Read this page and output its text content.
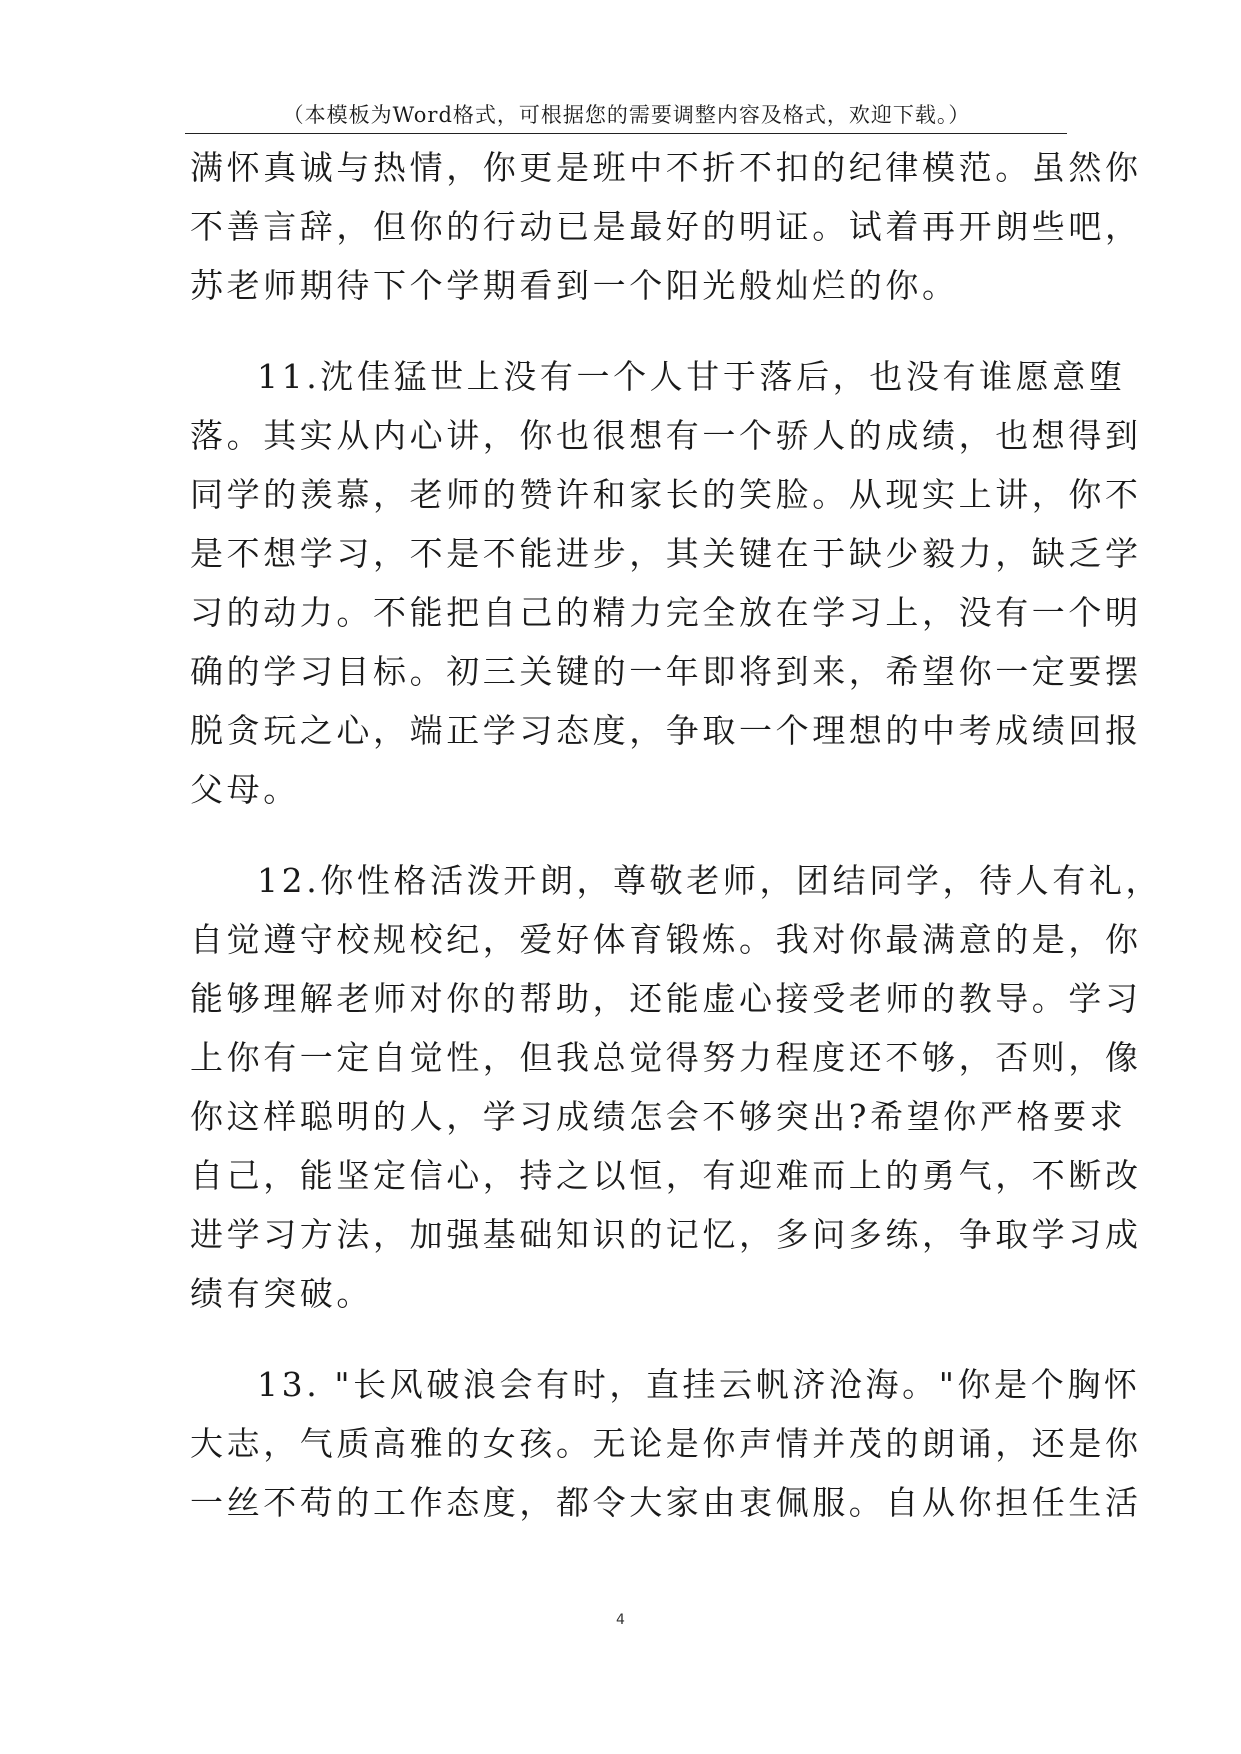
（本模板为Word格式，可根据您的需要调整内容及格式，欢迎下载。）
满怀真诚与热情，你更是班中不折不扣的纪律模范。虽然你
不善言辞，但你的行动已是最好的明证。试着再开朗些吧，
苏老师期待下个学期看到一个阳光般灿烂的你。
11.沈佳猛世上没有一个人甘于落后，也没有谁愿意堕
落。其实从内心讲，你也很想有一个骄人的成绩，也想得到
同学的羡慕，老师的赞许和家长的笑脸。从现实上讲，你不
是不想学习，不是不能进步，其关键在于缺少毅力，缺乏学
习的动力。不能把自己的精力完全放在学习上，没有一个明
确的学习目标。初三关键的一年即将到来，希望你一定要摆
脱贪玩之心，端正学习态度，争取一个理想的中考成绩回报
父母。
12.你性格活泼开朗，尊敬老师，团结同学，待人有礼，
自觉遵守校规校纪，爱好体育锻炼。我对你最满意的是，你
能够理解老师对你的帮助，还能虚心接受老师的教导。学习
上你有一定自觉性，但我总觉得努力程度还不够，否则，像
你这样聪明的人，学习成绩怎会不够突出?希望你严格要求
自己，能坚定信心，持之以恒，有迎难而上的勇气，不断改
进学习方法，加强基础知识的记忆，多问多练，争取学习成
绩有突破。
13. "长风破浪会有时，直挂云帆济沧海。"你是个胸怀
大志，气质高雅的女孩。无论是你声情并茂的朗诵，还是你
一丝不苟的工作态度，都令大家由衷佩服。自从你担任生活
4
